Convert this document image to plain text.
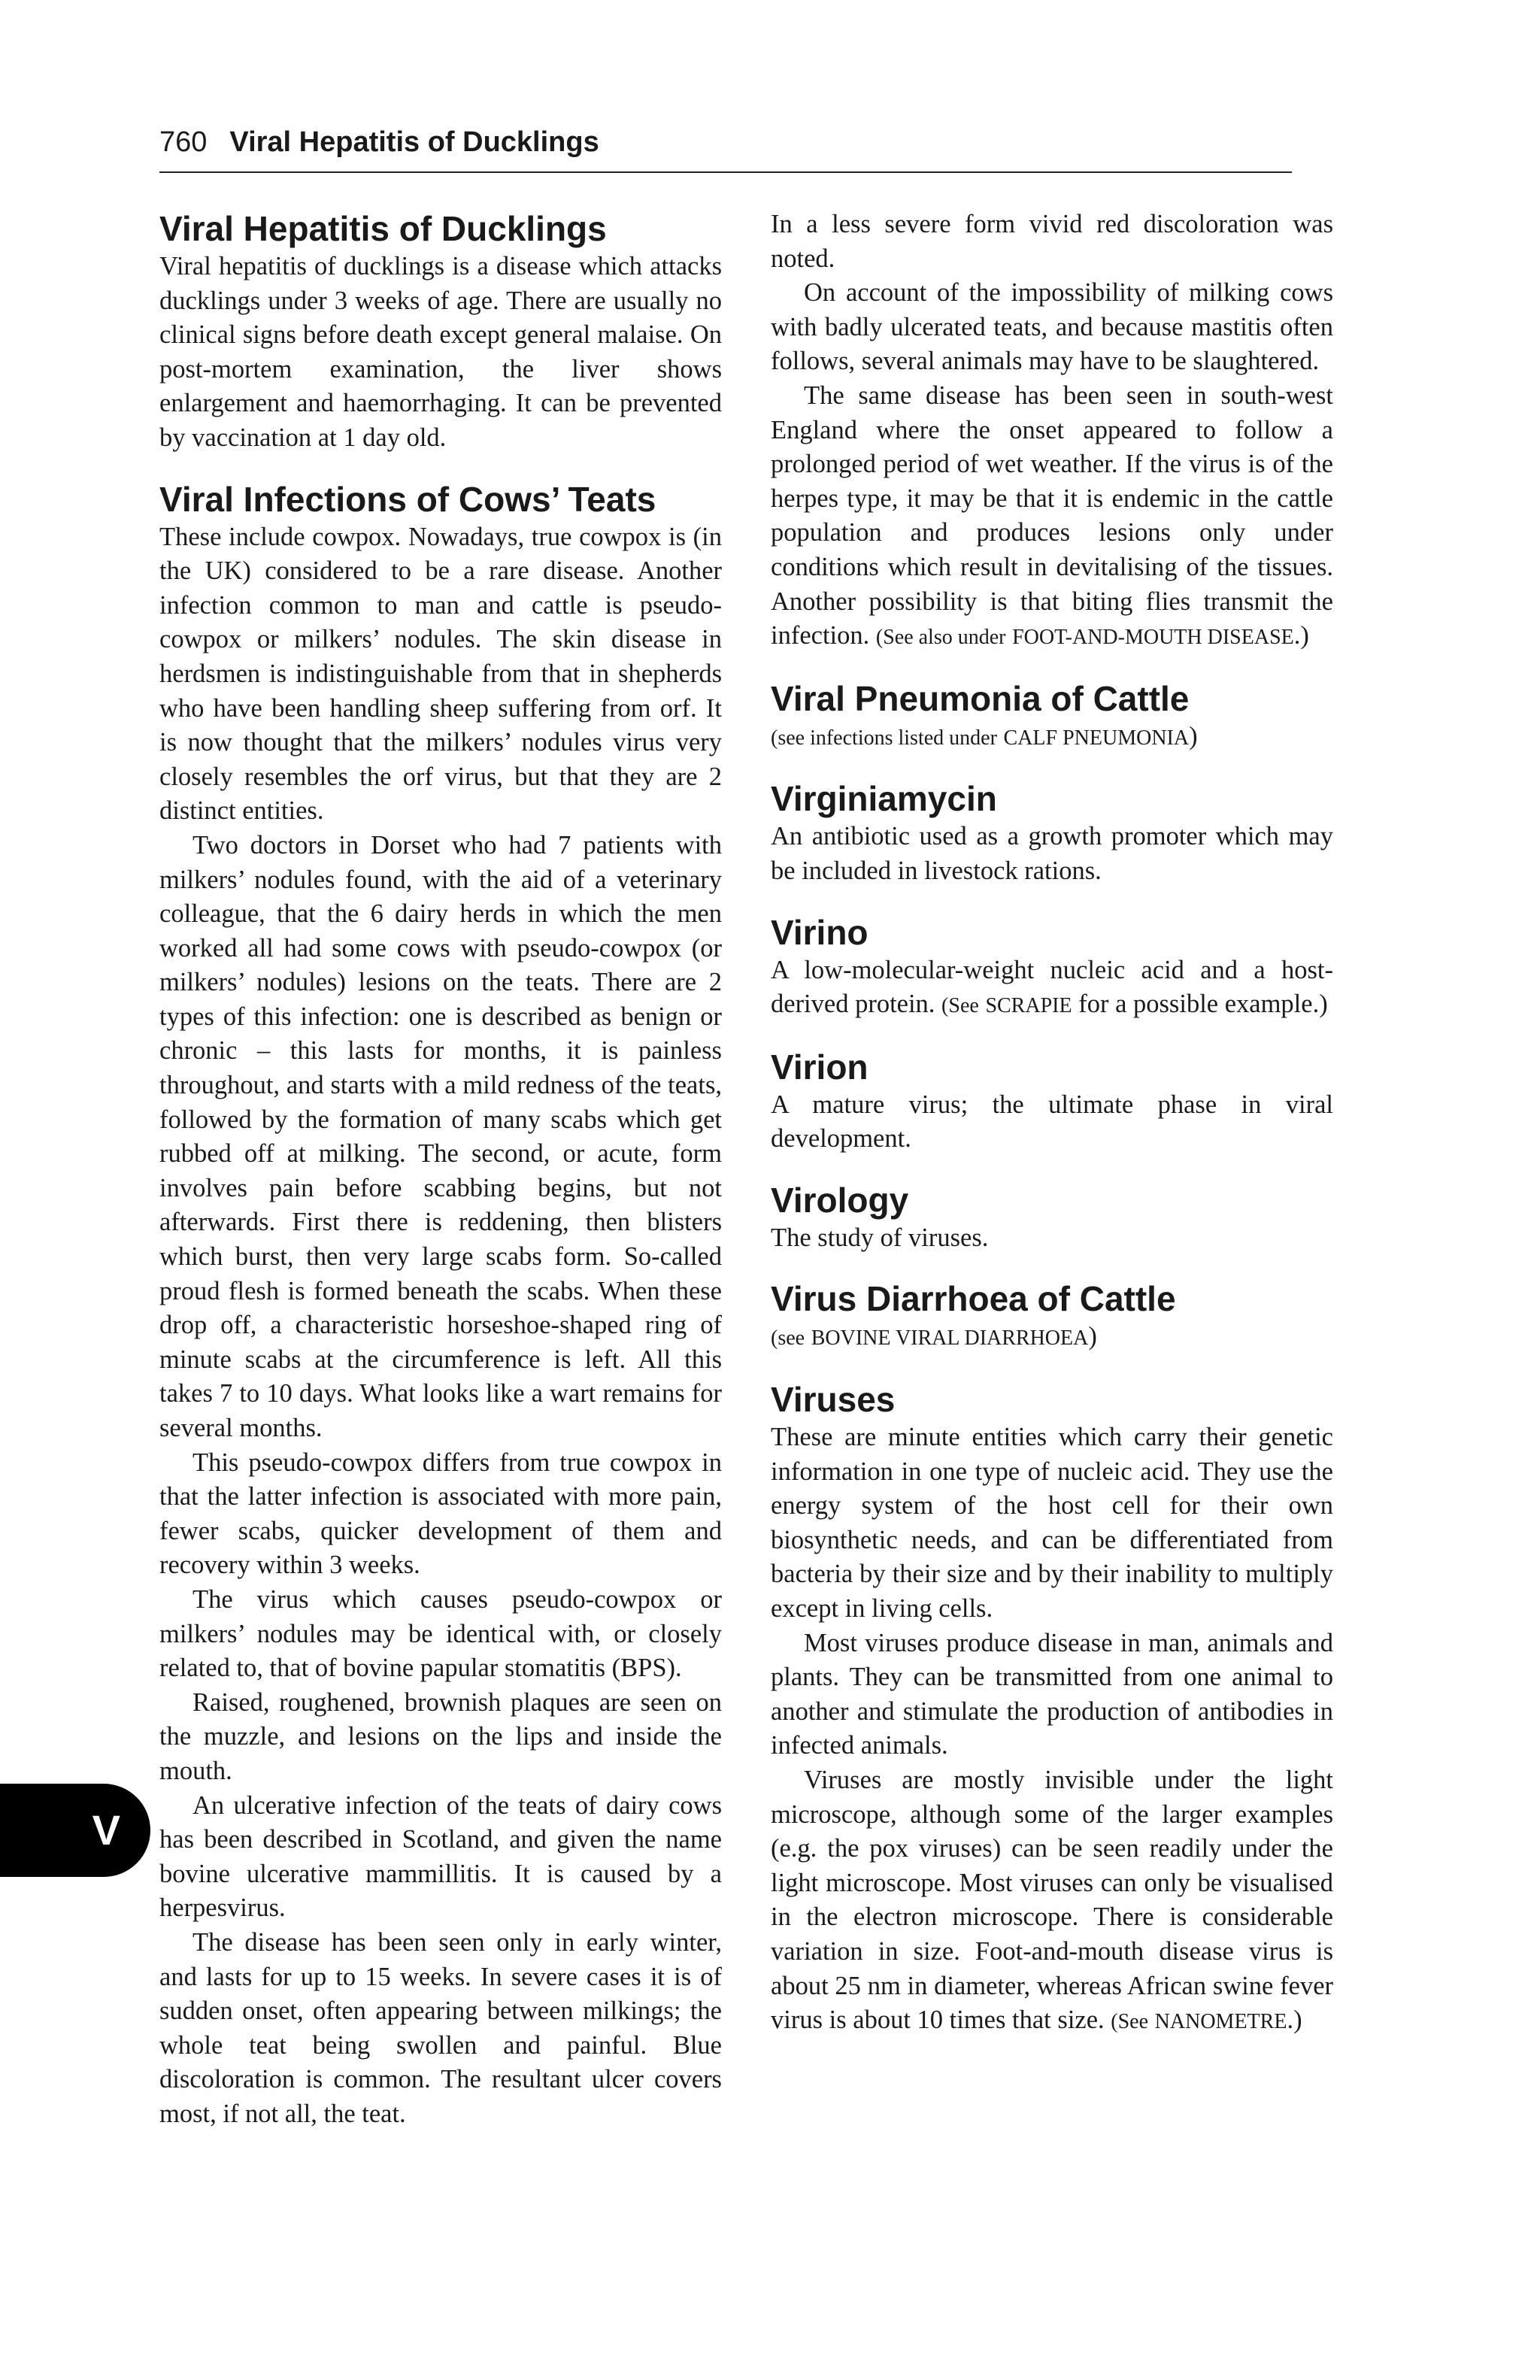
760 Viral Hepatitis of Ducklings
Viral Hepatitis of Ducklings

Viral hepatitis of ducklings is a disease which attacks ducklings under 3 weeks of age. There are usually no clinical signs before death except general malaise. On post-mortem examination, the liver shows enlargement and haemorrhaging. It can be prevented by vaccination at 1 day old.

Viral Infections of Cows’ Teats

These include cowpox. Nowadays, true cowpox is (in the UK) considered to be a rare disease. Another infection common to man and cattle is pseudo-cowpox or milkers’ nodules. The skin disease in herdsmen is indistinguishable from that in shepherds who have been handling sheep suffering from orf. It is now thought that the milkers’ nodules virus very closely resembles the orf virus, but that they are 2 distinct entities.

Two doctors in Dorset who had 7 patients with milkers’ nodules found, with the aid of a veterinary colleague, that the 6 dairy herds in which the men worked all had some cows with pseudo-cowpox (or milkers’ nodules) lesions on the teats. There are 2 types of this infection: one is described as benign or chronic – this lasts for months, it is painless throughout, and starts with a mild redness of the teats, followed by the formation of many scabs which get rubbed off at milking. The second, or acute, form involves pain before scabbing begins, but not afterwards. First there is reddening, then blisters which burst, then very large scabs form. So-called proud flesh is formed beneath the scabs. When these drop off, a characteristic horseshoe-shaped ring of minute scabs at the circumference is left. All this takes 7 to 10 days. What looks like a wart remains for several months.

This pseudo-cowpox differs from true cowpox in that the latter infection is associated with more pain, fewer scabs, quicker development of them and recovery within 3 weeks.

The virus which causes pseudo-cowpox or milkers’ nodules may be identical with, or closely related to, that of bovine papular stomatitis (BPS).

Raised, roughened, brownish plaques are seen on the muzzle, and lesions on the lips and inside the mouth.

An ulcerative infection of the teats of dairy cows has been described in Scotland, and given the name bovine ulcerative mammillitis. It is caused by a herpesvirus.

The disease has been seen only in early winter, and lasts for up to 15 weeks. In severe cases it is of sudden onset, often appearing between milkings; the whole teat being swollen and painful. Blue discoloration is common. The resultant ulcer covers most, if not all, the teat.

In a less severe form vivid red discoloration was noted.

On account of the impossibility of milking cows with badly ulcerated teats, and because mastitis often follows, several animals may have to be slaughtered.

The same disease has been seen in south-west England where the onset appeared to follow a prolonged period of wet weather. If the virus is of the herpes type, it may be that it is endemic in the cattle population and produces lesions only under conditions which result in devitalising of the tissues. Another possibility is that biting flies transmit the infection. (See also under FOOT-AND-MOUTH DISEASE.)

Viral Pneumonia of Cattle

(see infections listed under CALF PNEUMONIA)

Virginiamycin

An antibiotic used as a growth promoter which may be included in livestock rations.

Virino

A low-molecular-weight nucleic acid and a host-derived protein. (See SCRAPIE for a possible example.)

Virion

A mature virus; the ultimate phase in viral development.

Virology

The study of viruses.

Virus Diarrhoea of Cattle

(see BOVINE VIRAL DIARRHOEA)

Viruses

These are minute entities which carry their genetic information in one type of nucleic acid. They use the energy system of the host cell for their own biosynthetic needs, and can be differentiated from bacteria by their size and by their inability to multiply except in living cells.

Most viruses produce disease in man, animals and plants. They can be transmitted from one animal to another and stimulate the production of antibodies in infected animals.

Viruses are mostly invisible under the light microscope, although some of the larger examples (e.g. the pox viruses) can be seen readily under the light microscope. Most viruses can only be visualised in the electron microscope. There is considerable variation in size. Foot-and-mouth disease virus is about 25 nm in diameter, whereas African swine fever virus is about 10 times that size. (See NANOMETRE.)

V
